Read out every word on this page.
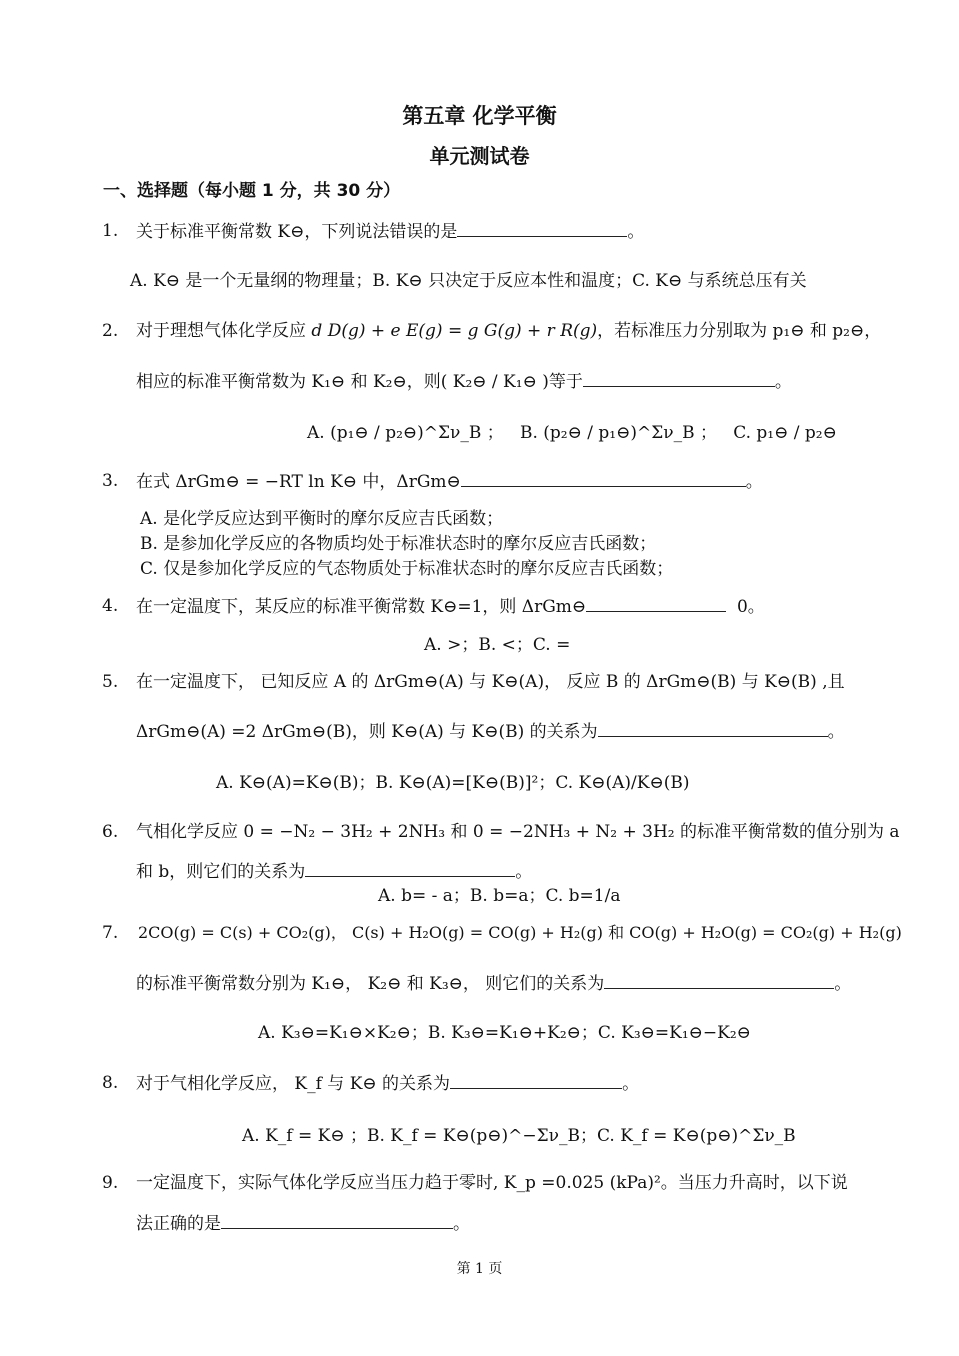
第五章 化学平衡
单元测试卷
一、选择题（每小题 1 分，共 30 分）
1. 关于标准平衡常数 K⊖，下列说法错误的是	。
A. K⊖ 是一个无量纲的物理量；B. K⊖ 只决定于反应本性和温度；C. K⊖ 与系统总压有关
2. 对于理想气体化学反应 d D(g) + e E(g) = g G(g) + r R(g)，若标准压力分别取为 p₁⊖ 和 p₂⊖，
相应的标准平衡常数为 K₁⊖ 和 K₂⊖，则( K₂⊖ / K₁⊖ )等于	。
A. (p₁⊖ / p₂⊖)^Σν_B ； B. (p₂⊖ / p₁⊖)^Σν_B ； C. p₁⊖ / p₂⊖
3. 在式 ΔrGm⊖ = −RT ln K⊖ 中，ΔrGm⊖	。
A. 是化学反应达到平衡时的摩尔反应吉氏函数；
B. 是参加化学反应的各物质均处于标准状态时的摩尔反应吉氏函数；
C. 仅是参加化学反应的气态物质处于标准状态时的摩尔反应吉氏函数；
4. 在一定温度下，某反应的标准平衡常数 K⊖=1，则 ΔrGm⊖	0。
A. >；B. <；C. =
5. 在一定温度下， 已知反应 A 的 ΔrGm⊖(A) 与 K⊖(A)， 反应 B 的 ΔrGm⊖(B) 与 K⊖(B) ,且
ΔrGm⊖(A) =2 ΔrGm⊖(B)，则 K⊖(A) 与 K⊖(B) 的关系为	。
A. K⊖(A)=K⊖(B)；B. K⊖(A)=[K⊖(B)]²；C. K⊖(A)/K⊖(B)
6. 气相化学反应 0 = −N₂ − 3H₂ + 2NH₃ 和 0 = −2NH₃ + N₂ + 3H₂ 的标准平衡常数的值分别为 a
和 b，则它们的关系为	。
A. b= - a；B. b=a；C. b=1/a
7. 2CO(g) = C(s) + CO₂(g)， C(s) + H₂O(g) = CO(g) + H₂(g) 和 CO(g) + H₂O(g) = CO₂(g) + H₂(g)
的标准平衡常数分别为 K₁⊖， K₂⊖ 和 K₃⊖， 则它们的关系为	。
A. K₃⊖=K₁⊖×K₂⊖；B. K₃⊖=K₁⊖+K₂⊖；C. K₃⊖=K₁⊖−K₂⊖
8. 对于气相化学反应， K_f 与 K⊖ 的关系为	。
A. K_f = K⊖ ；B. K_f = K⊖(p⊖)^−Σν_B；C. K_f = K⊖(p⊖)^Σν_B
9. 一定温度下，实际气体化学反应当压力趋于零时, K_p =0.025 (kPa)²。当压力升高时，以下说
法正确的是	。
第 1 页
